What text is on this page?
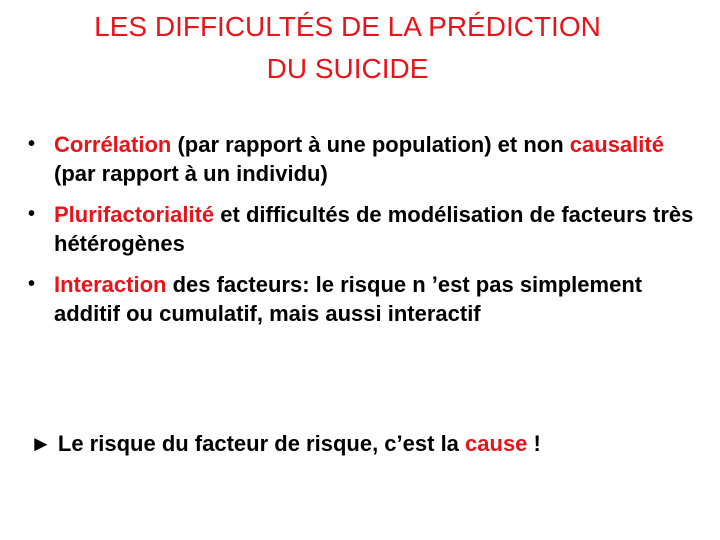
LES DIFFICULTÉS DE LA PRÉDICTION
DU SUICIDE
• Corrélation (par rapport à une population) et non causalité (par rapport à un individu)
• Plurifactorialité et difficultés de modélisation de facteurs très hétérogènes
• Interaction des facteurs: le risque n ’est pas simplement additif ou cumulatif, mais aussi interactif

► Le risque du facteur de risque, c’est la cause !
